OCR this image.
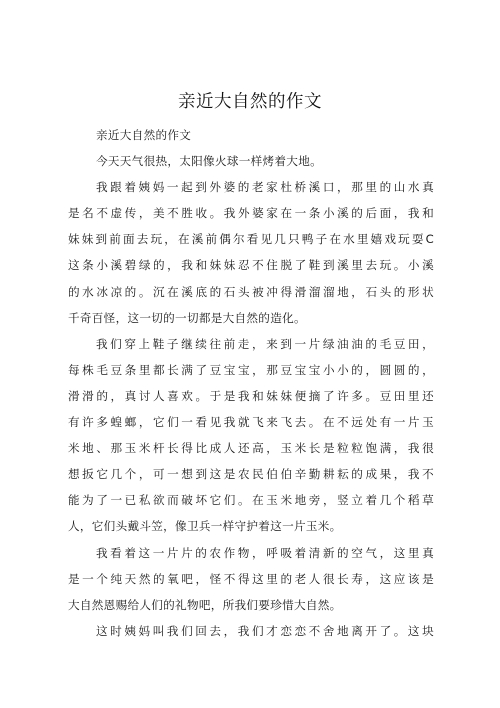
亲近大自然的作文
亲近大自然的作文
今天天气很热，太阳像火球一样烤着大地。
我跟着姨妈一起到外婆的老家杜桥溪口，那里的山水真
是名不虚传，美不胜收。我外婆家在一条小溪的后面，我和
妹妹到前面去玩，在溪前偶尔看见几只鸭子在水里嬉戏玩耍C
这条小溪碧绿的，我和妹妹忍不住脱了鞋到溪里去玩。小溪
的水冰凉的。沉在溪底的石头被冲得滑溜溜地，石头的形状
千奇百怪，这一切的一切都是大自然的造化。
我们穿上鞋子继续往前走，来到一片绿油油的毛豆田，
每株毛豆条里都长满了豆宝宝，那豆宝宝小小的，圆圆的，
滑滑的，真讨人喜欢。于是我和妹妹便摘了许多。豆田里还
有许多蝗螂，它们一看见我就飞来飞去。在不远处有一片玉
米地、那玉米杆长得比成人还高，玉米长是粒粒饱满，我很
想扳它几个，可一想到这是农民伯伯辛勤耕耘的成果，我不
能为了一已私欲而破坏它们。在玉米地旁，竖立着几个稻草
人，它们头戴斗笠，像卫兵一样守护着这一片玉米。
我看着这一片片的农作物，呼吸着清新的空气，这里真
是一个纯天然的氧吧，怪不得这里的老人很长寿，这应该是
大自然恩赐给人们的礼物吧，所我们要珍惜大自然。
这时姨妈叫我们回去，我们才恋恋不舍地离开了。这块
